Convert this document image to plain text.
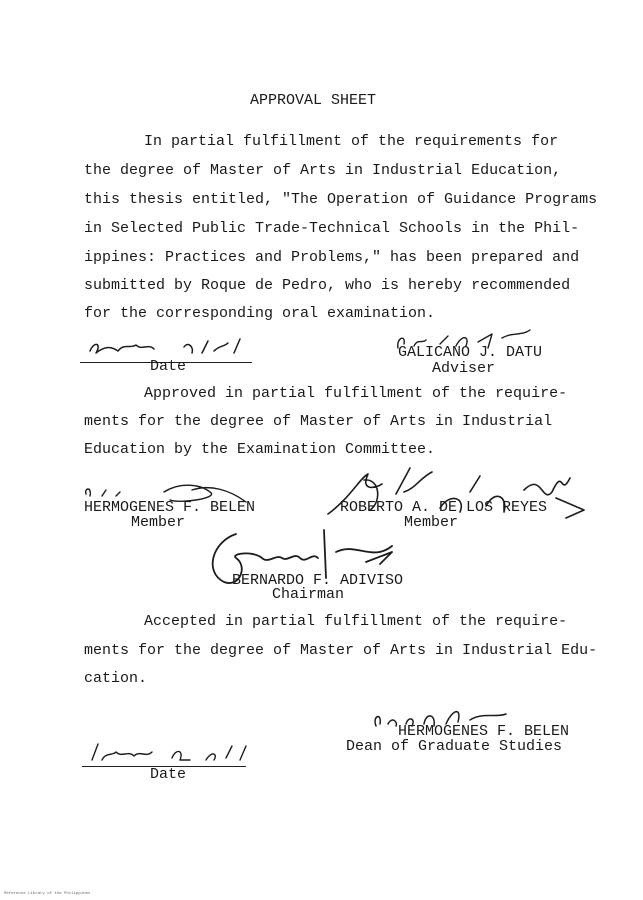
APPROVAL SHEET
In partial fulfillment of the requirements for
the degree of Master of Arts in Industrial Education,
this thesis entitled, "The Operation of Guidance Programs
in Selected Public Trade-Technical Schools in the Phil-
ippines: Practices and Problems," has been prepared and
submitted by Roque de Pedro, who is hereby recommended
for the corresponding oral examination.
Date
GALICANO J. DATU
Adviser
Approved in partial fulfillment of the require-
ments for the degree of Master of Arts in Industrial
Education by the Examination Committee.
HERMOGENES F. BELEN
Member
ROBERTO A. DE LOS REYES
Member
BERNARDO F. ADIVISO
Chairman
Accepted in partial fulfillment of the require-
ments for the degree of Master of Arts in Industrial Edu-
cation.
HERMOGENES F. BELEN
Dean of Graduate Studies
Date
Reference Library of the Philippines
